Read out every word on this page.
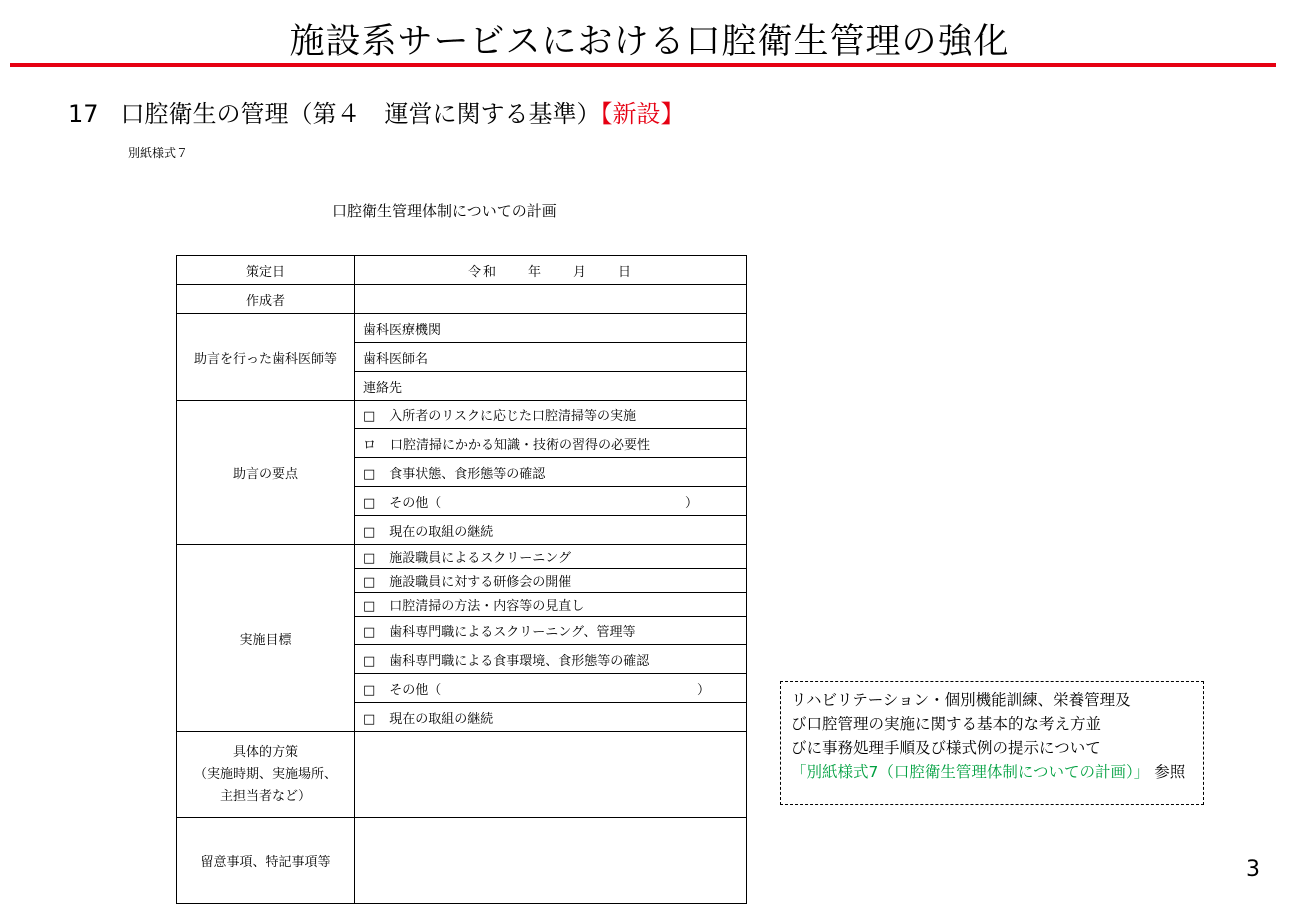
施設系サービスにおける口腔衛生管理の強化
17 口腔衛生の管理（第４　運営に関する基準）【新設】
別紙様式７
口腔衛生管理体制についての計画
策定日	令和　　年　　月　　日
作成者	
助言を行った歯科医師等	歯科医療機関
	歯科医師名
	連絡先
助言の要点	□ 入所者のリスクに応じた口腔清掃等の実施
	ロ 口腔清掃にかかる知識・技術の習得の必要性
	□ 食事状態、食形態等の確認
	□ その他（ ）

	□ 現在の取組の継続
実施目標	□ 施設職員によるスクリーニング
	□ 施設職員に対する研修会の開催
	□ 口腔清掃の方法・内容等の見直し
	□ 歯科専門職によるスクリーニング、管理等
	□ 歯科専門職による食事環境、食形態等の確認
	□ その他（ ）

	□ 現在の取組の継続

具体的方策
（実施時期、実施場所、
主担当者など）	

留意事項、特記事項等	
リハビリテーション・個別機能訓練、栄養管理及
び口腔管理の実施に関する基本的な考え方並
びに事務処理手順及び様式例の提示について
「別紙様式7（口腔衛生管理体制についての計画）」 参照
3
